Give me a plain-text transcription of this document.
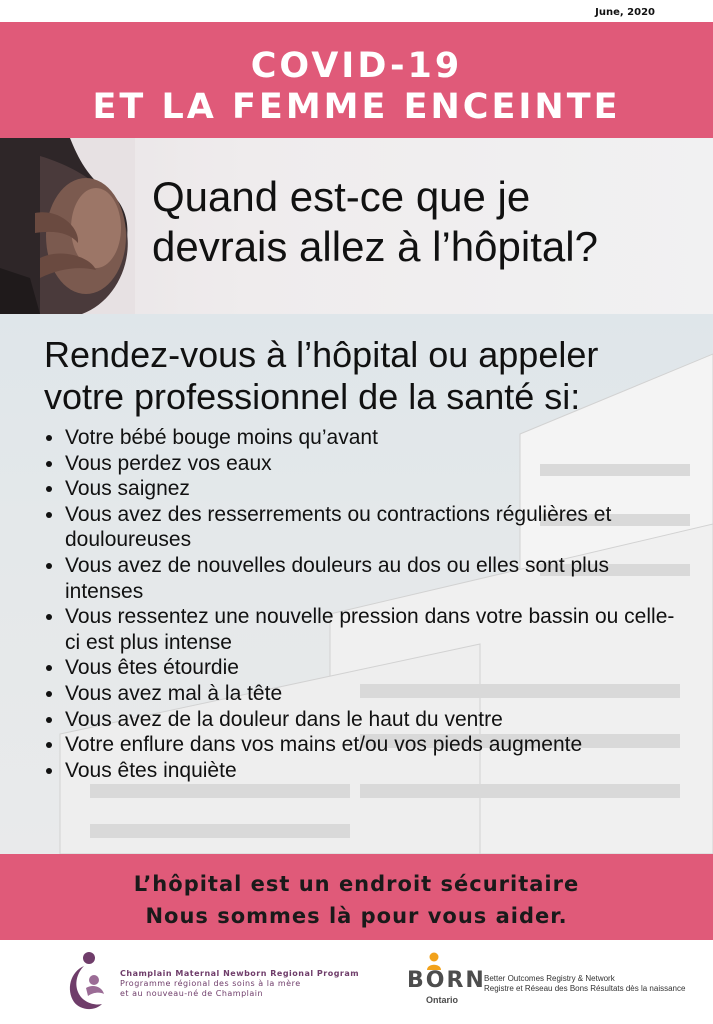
June, 2020
COVID-19
ET LA FEMME ENCEINTE
Quand est-ce que je
devrais allez à l’hôpital?
Rendez-vous à l’hôpital ou appeler
votre professionnel de la santé si:
Votre bébé bouge moins qu’avant
Vous perdez vos eaux
Vous saignez
Vous avez des resserrements ou contractions régulières et douloureuses
Vous avez de nouvelles douleurs au dos ou elles sont plus intenses
Vous ressentez une nouvelle pression dans votre bassin ou celle-ci est plus intense
Vous êtes étourdie
Vous avez mal à la tête
Vous avez de la douleur dans le haut du ventre
Votre enflure dans vos mains et/ou vos pieds augmente
Vous êtes inquiète
L’hôpital est un endroit sécuritaire
Nous sommes là pour vous aider.
Champlain Maternal Newborn Regional Program
Programme régional des soins à la mère
et au nouveau-né de Champlain
BORN
Ontario
Better Outcomes Registry & Network
Registre et Réseau des Bons Résultats dès la naissance
